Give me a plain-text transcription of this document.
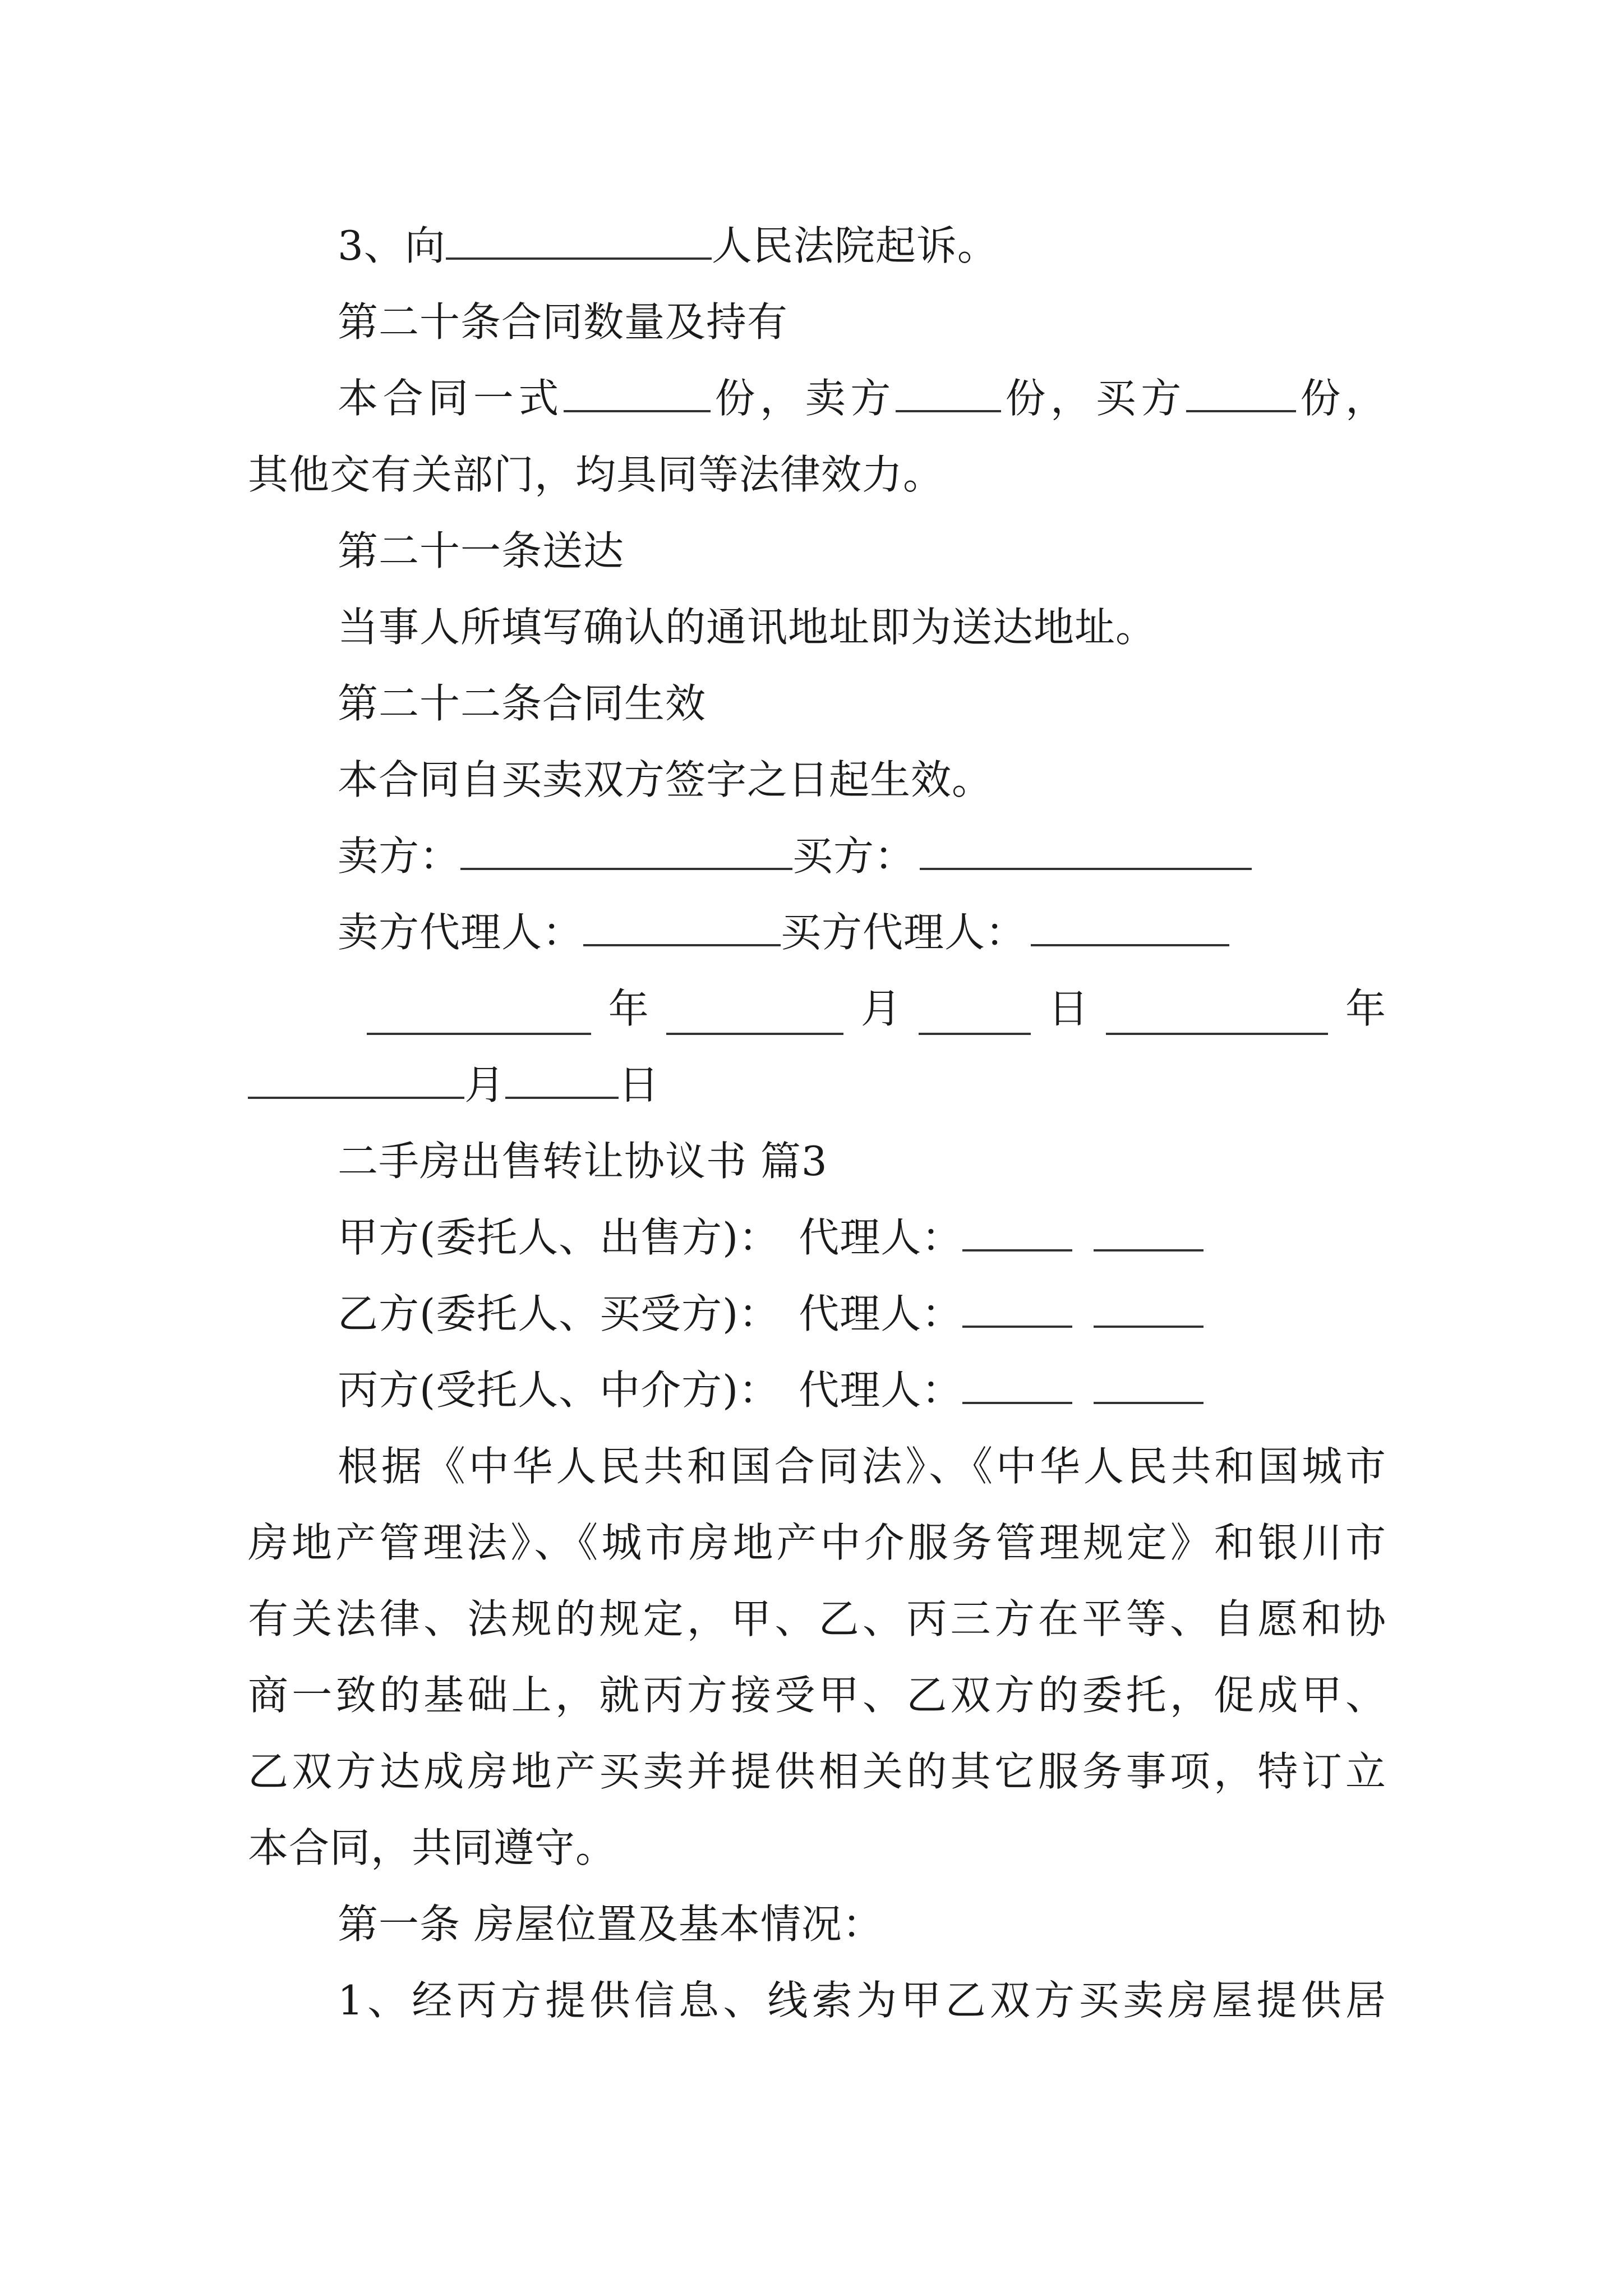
3、向	人民法院起诉。
第二十条合同数量及持有
本合同一式	份，卖方	份，买方	份，
其他交有关部门，均具同等法律效力。
第二十一条送达
当事人所填写确认的通讯地址即为送达地址。
第二十二条合同生效
本合同自买卖双方签字之日起生效。
卖方：	买方：
卖方代理人：	买方代理人：
年	月	日	年
月	日
二手房出售转让协议书 篇3
甲方(委托人、出售方)： 代理人：
乙方(委托人、买受方)： 代理人：
丙方(受托人、中介方)： 代理人：
根据《中华人民共和国合同法》、《中华人民共和国城市
房地产管理法》、《城市房地产中介服务管理规定》和银川市
有关法律、法规的规定，甲、乙、丙三方在平等、自愿和协
商一致的基础上，就丙方接受甲、乙双方的委托，促成甲、
乙双方达成房地产买卖并提供相关的其它服务事项，特订立
本合同，共同遵守。
第一条 房屋位置及基本情况：
1、经丙方提供信息、线索为甲乙双方买卖房屋提供居
